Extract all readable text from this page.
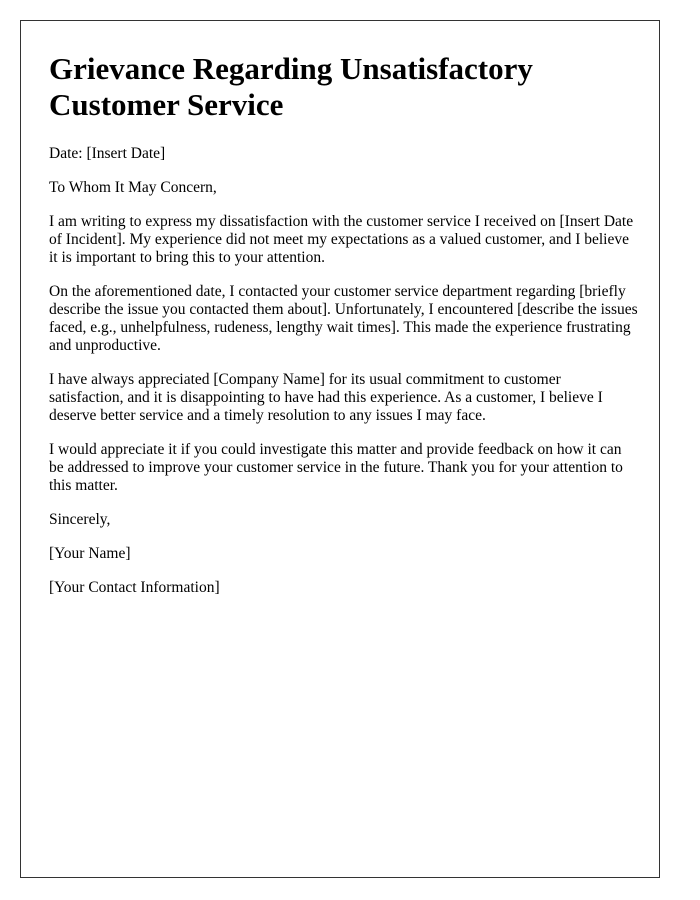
Grievance Regarding Unsatisfactory Customer Service

Date: [Insert Date]

To Whom It May Concern,

I am writing to express my dissatisfaction with the customer service I received on [Insert Date of Incident]. My experience did not meet my expectations as a valued customer, and I believe it is important to bring this to your attention.

On the aforementioned date, I contacted your customer service department regarding [briefly describe the issue you contacted them about]. Unfortunately, I encountered [describe the issues faced, e.g., unhelpfulness, rudeness, lengthy wait times]. This made the experience frustrating and unproductive.

I have always appreciated [Company Name] for its usual commitment to customer satisfaction, and it is disappointing to have had this experience. As a customer, I believe I deserve better service and a timely resolution to any issues I may face.

I would appreciate it if you could investigate this matter and provide feedback on how it can be addressed to improve your customer service in the future. Thank you for your attention to this matter.

Sincerely,

[Your Name]

[Your Contact Information]
